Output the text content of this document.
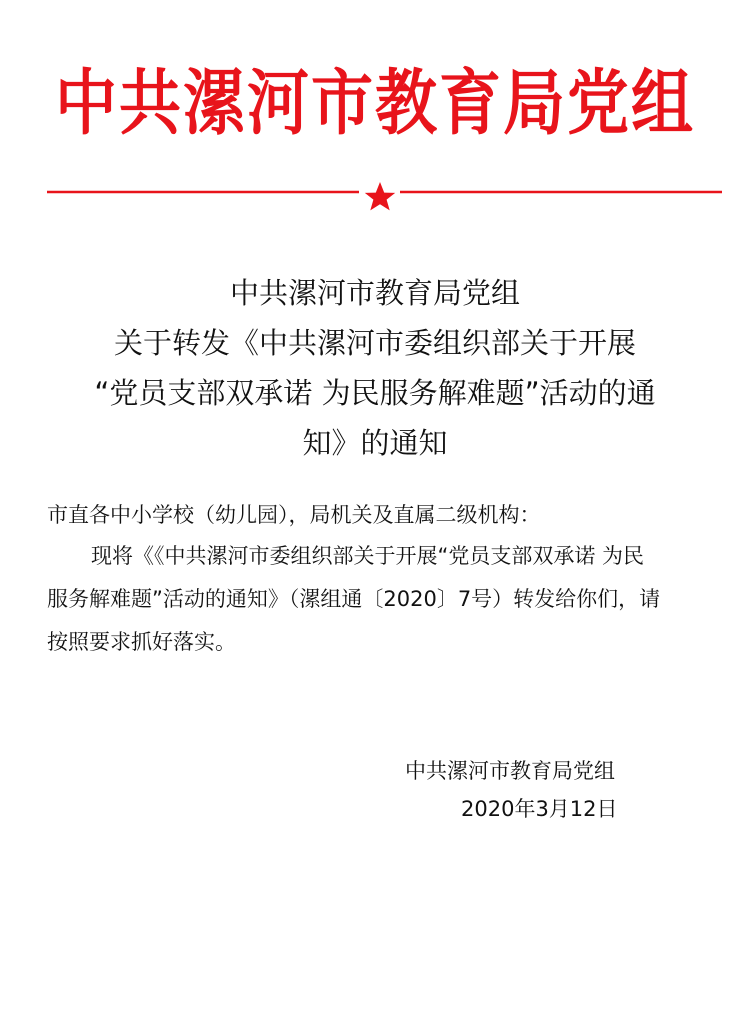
中共漯河市教育局党组
中共漯河市教育局党组
关于转发《中共漯河市委组织部关于开展
“党员支部双承诺 为民服务解难题”活动的通
知》的通知
市直各中小学校（幼儿园），局机关及直属二级机构：
现将《《中共漯河市委组织部关于开展“党员支部双承诺 为民
服务解难题”活动的通知》（漯组通〔2020〕7号）转发给你们，请
按照要求抓好落实。
中共漯河市教育局党组
2020年3月12日
